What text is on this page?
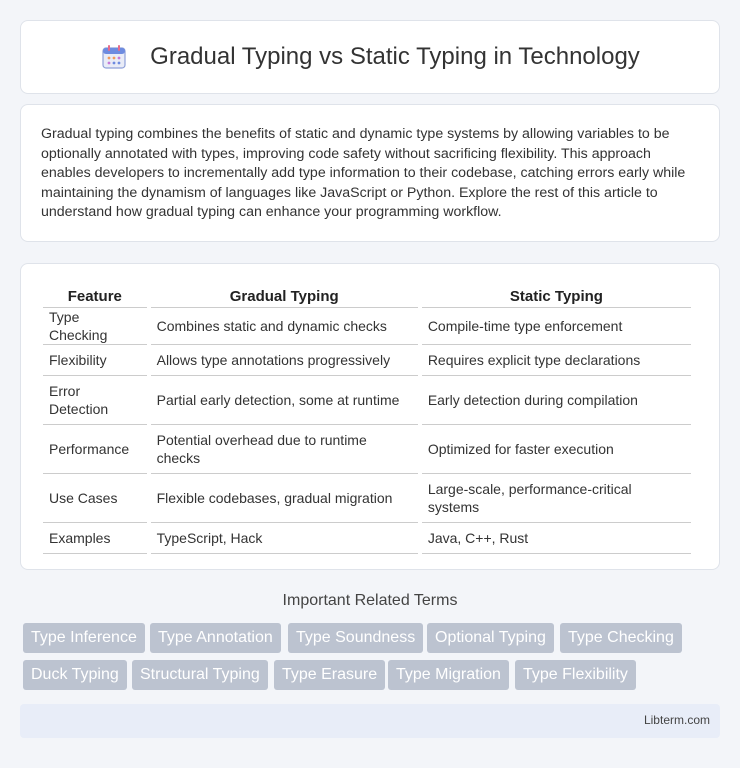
Gradual Typing vs Static Typing in Technology

Gradual typing combines the benefits of static and dynamic type systems by allowing variables to be optionally annotated with types, improving code safety without sacrificing flexibility. This approach enables developers to incrementally add type information to their codebase, catching errors early while maintaining the dynamism of languages like JavaScript or Python. Explore the rest of this article to understand how gradual typing can enhance your programming workflow.

Feature	Gradual Typing	Static Typing
Type Checking	Combines static and dynamic checks	Compile-time type enforcement
Flexibility	Allows type annotations progressively	Requires explicit type declarations
Error Detection	Partial early detection, some at runtime	Early detection during compilation
Performance	Potential overhead due to runtime checks	Optimized for faster execution
Use Cases	Flexible codebases, gradual migration	Large-scale, performance-critical systems
Examples	TypeScript, Hack	Java, C++, Rust
Important Related Terms
Type Inference	Type Annotation	Type Soundness	Optional Typing	Type Checking
Duck Typing	Structural Typing	Type Erasure	Type Migration	Type Flexibility
Libterm.com
